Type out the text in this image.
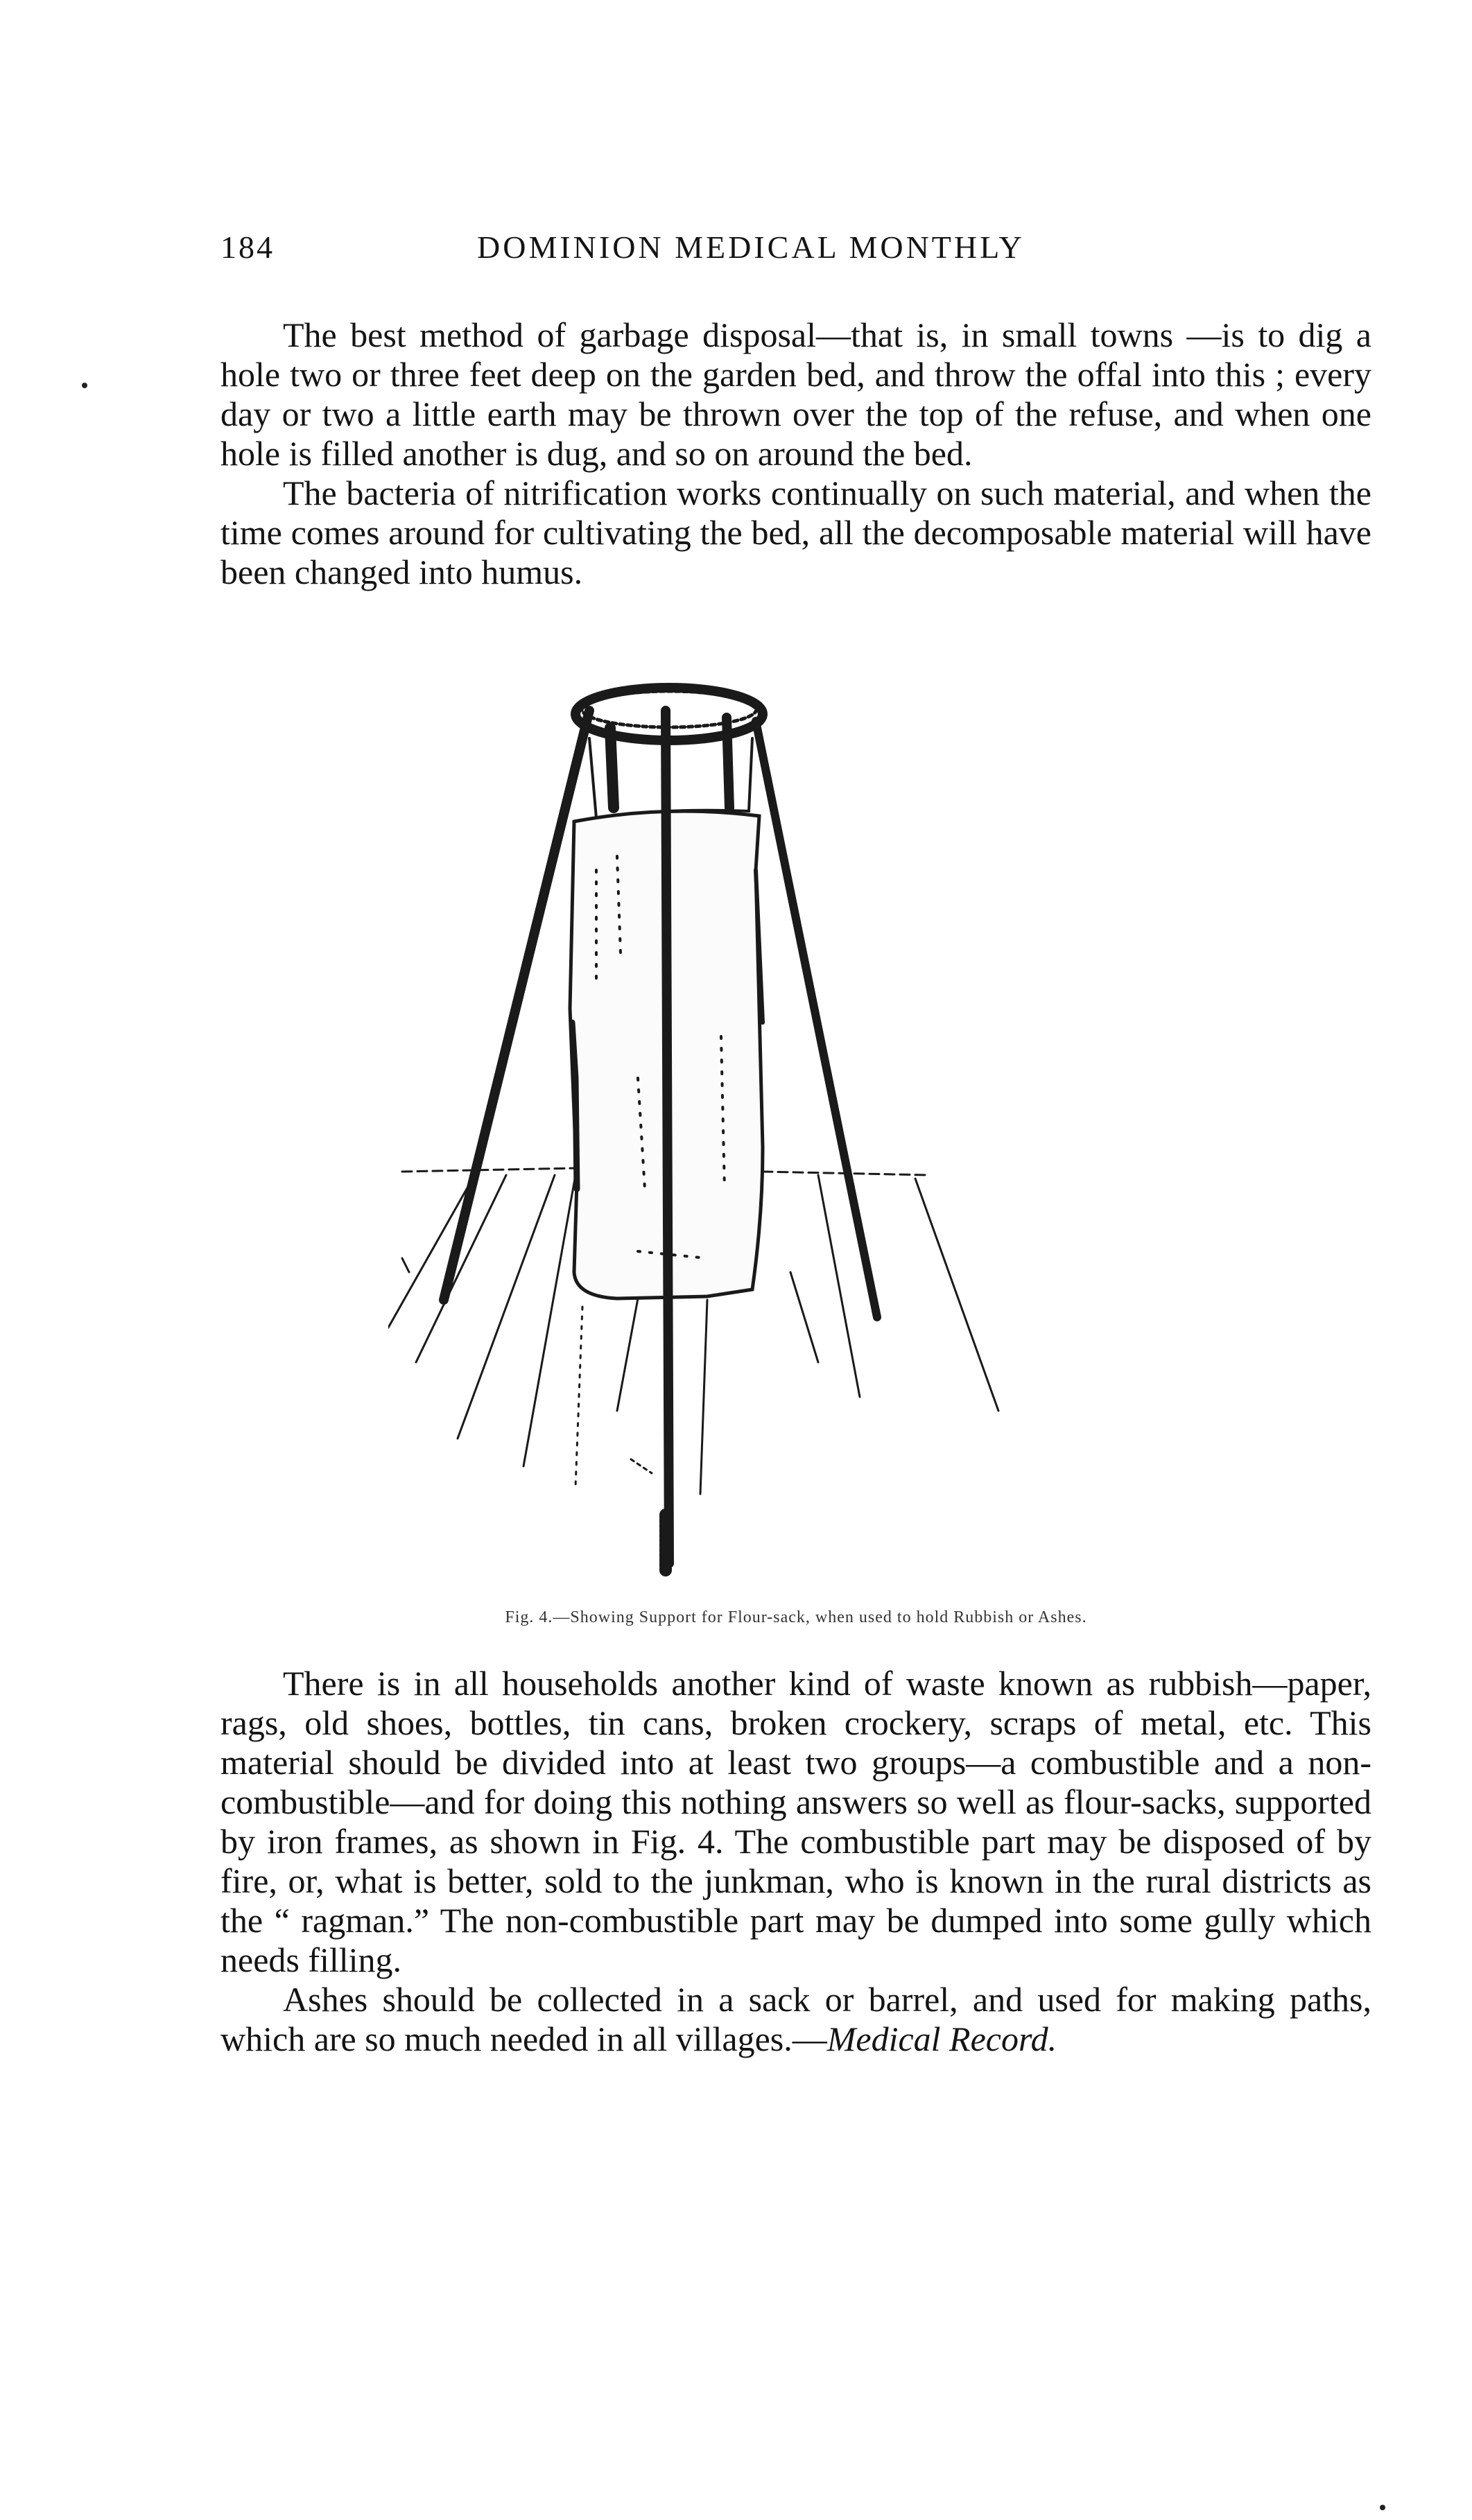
184	DOMINION MEDICAL MONTHLY

The best method of garbage disposal—that is, in small towns —is to dig a hole two or three feet deep on the garden bed, and throw the offal into this ; every day or two a little earth may be thrown over the top of the refuse, and when one hole is filled another is dug, and so on around the bed.

The bacteria of nitrification works continually on such material, and when the time comes around for cultivating the bed, all the decomposable material will have been changed into humus.

Fig. 4.—Showing Support for Flour-sack, when used to hold Rubbish or Ashes.

There is in all households another kind of waste known as rubbish—paper, rags, old shoes, bottles, tin cans, broken crockery, scraps of metal, etc. This material should be divided into at least two groups—a combustible and a non-combustible—and for doing this nothing answers so well as flour-sacks, supported by iron frames, as shown in Fig. 4. The combustible part may be disposed of by fire, or, what is better, sold to the junkman, who is known in the rural districts as the “ ragman.” The non-combustible part may be dumped into some gully which needs filling.

Ashes should be collected in a sack or barrel, and used for making paths, which are so much needed in all villages.—Medical Record.
